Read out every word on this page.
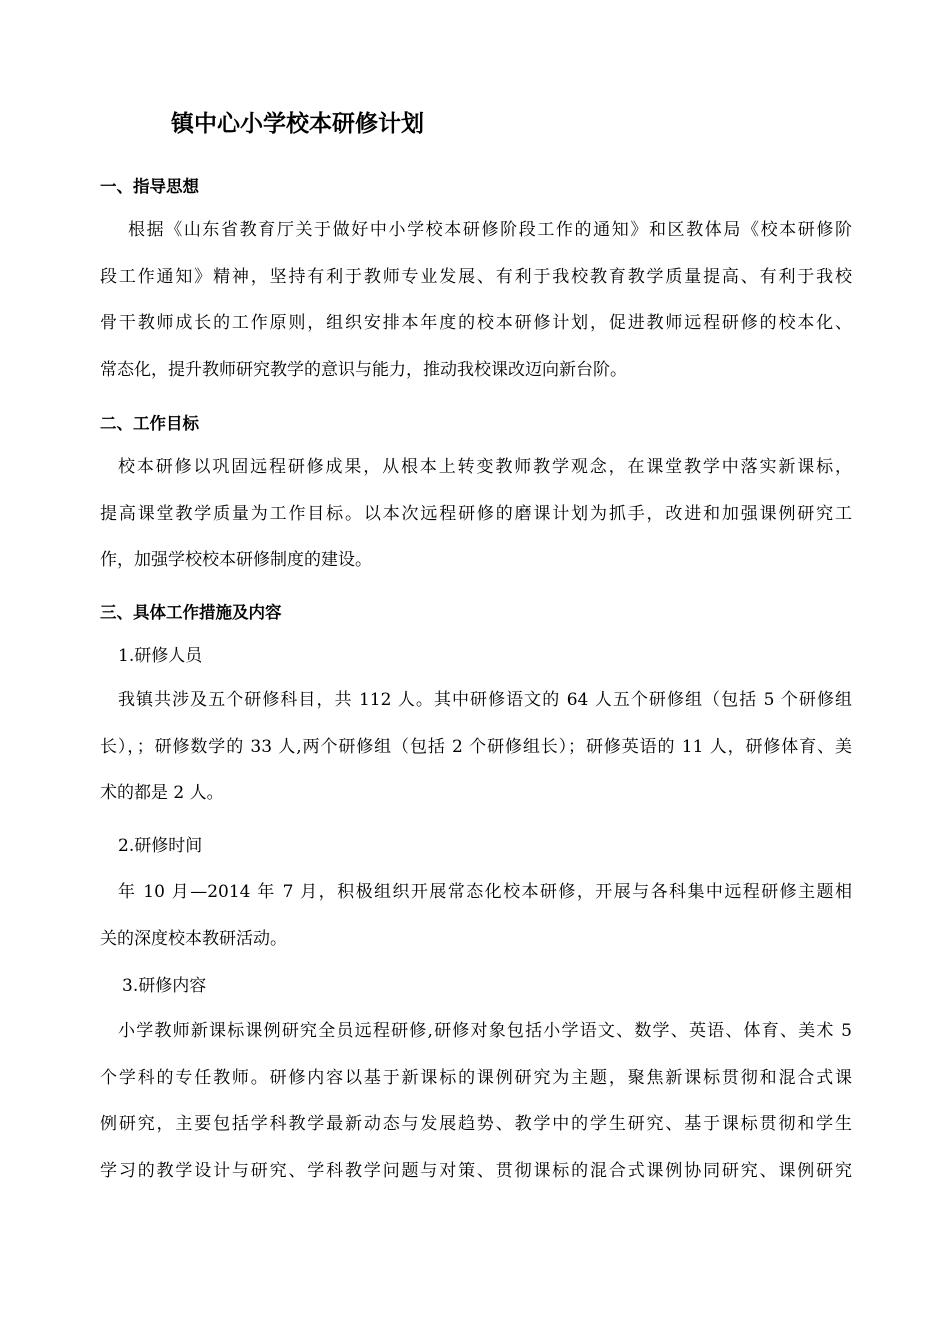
镇中心小学校本研修计划
一、指导思想
根据《山东省教育厅关于做好中小学校本研修阶段工作的通知》和区教体局《校本研修阶
段工作通知》精神，坚持有利于教师专业发展、有利于我校教育教学质量提高、有利于我校
骨干教师成长的工作原则，组织安排本年度的校本研修计划，促进教师远程研修的校本化、
常态化，提升教师研究教学的意识与能力，推动我校课改迈向新台阶。
二、工作目标
校本研修以巩固远程研修成果，从根本上转变教师教学观念，在课堂教学中落实新课标，
提高课堂教学质量为工作目标。以本次远程研修的磨课计划为抓手，改进和加强课例研究工
作，加强学校校本研修制度的建设。
三、具体工作措施及内容

1.研修人员

我镇共涉及五个研修科目，共 112 人。其中研修语文的 64 人五个研修组（包括 5 个研修组
长），；研修数学的 33 人,两个研修组（包括 2 个研修组长）；研修英语的 11 人，研修体育、美
术的都是 2 人。

2.研修时间

年 10 月—2014 年 7 月，积极组织开展常态化校本研修，开展与各科集中远程研修主题相
关的深度校本教研活动。

3.研修内容

小学教师新课标课例研究全员远程研修,研修对象包括小学语文、数学、英语、体育、美术 5
个学科的专任教师。研修内容以基于新课标的课例研究为主题，聚焦新课标贯彻和混合式课
例研究，主要包括学科教学最新动态与发展趋势、教学中的学生研究、基于课标贯彻和学生
学习的教学设计与研究、学科教学问题与对策、贯彻课标的混合式课例协同研究、课例研究
